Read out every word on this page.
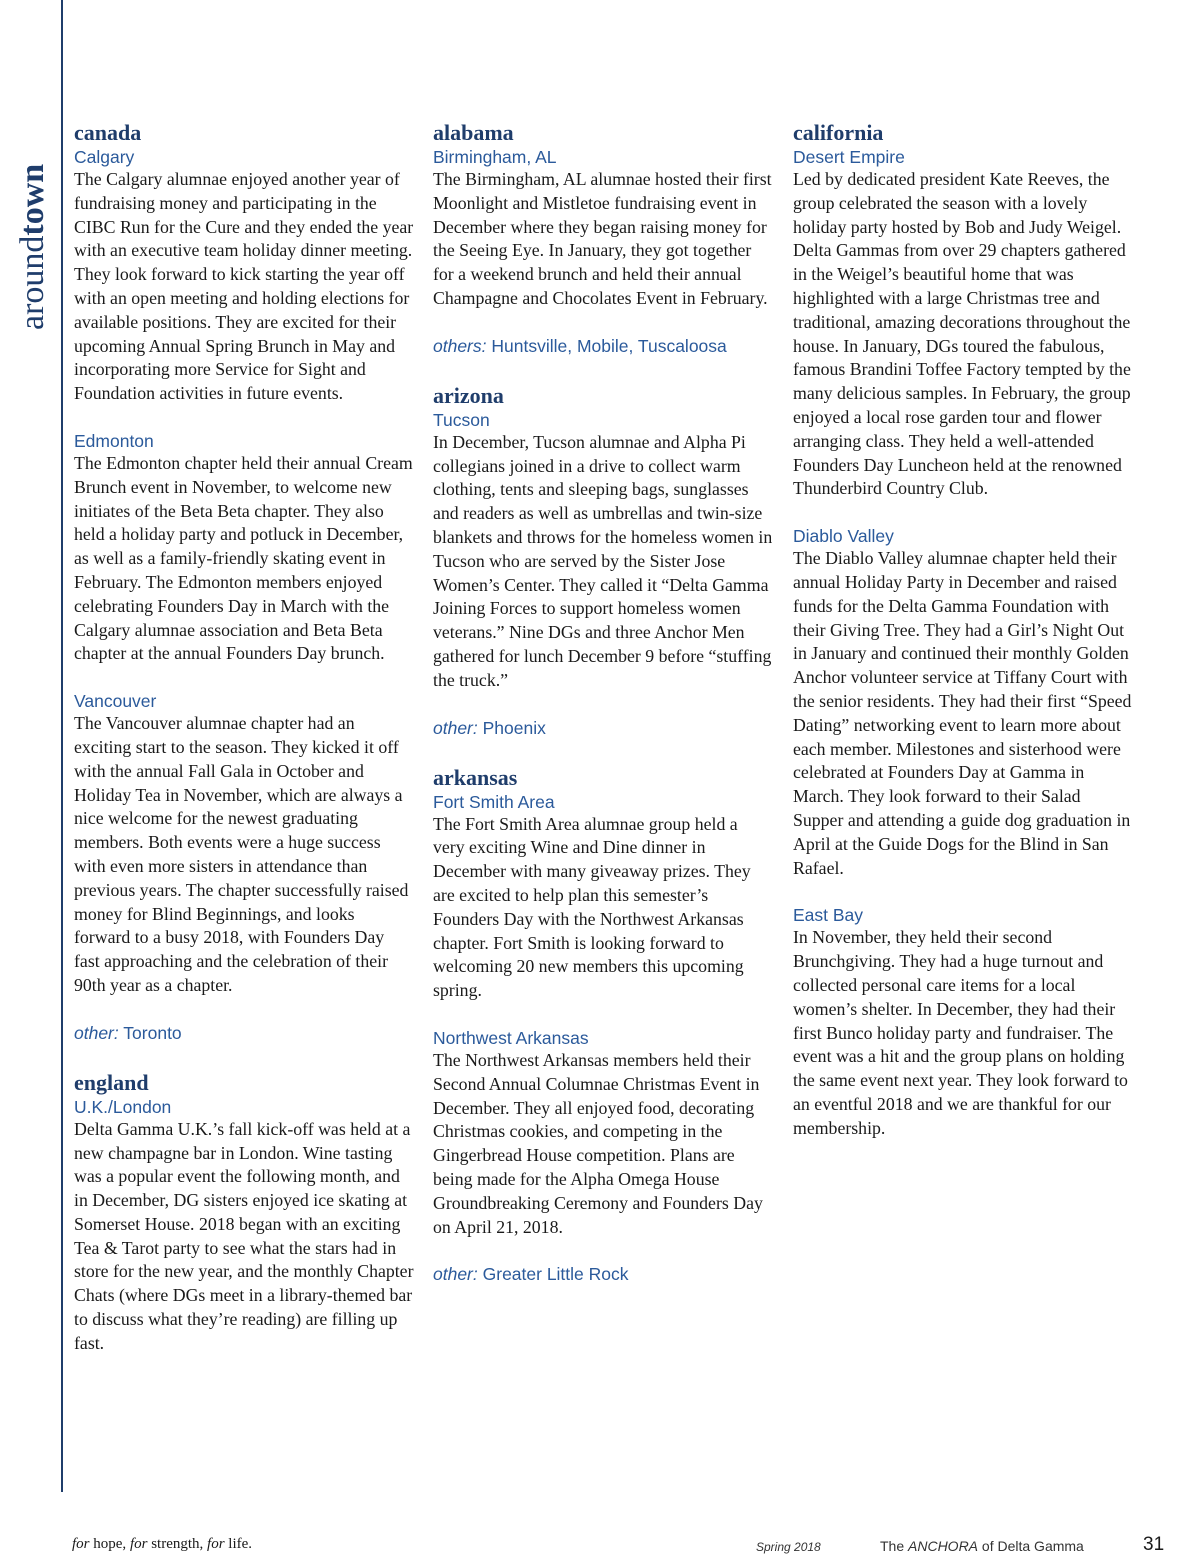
aroundtown
canada

Calgary

The Calgary alumnae enjoyed another year of fundraising money and participating in the CIBC Run for the Cure and they ended the year with an executive team holiday dinner meeting. They look forward to kick starting the year off with an open meeting and holding elections for available positions. They are excited for their upcoming Annual Spring Brunch in May and incorporating more Service for Sight and Foundation activities in future events.

Edmonton

The Edmonton chapter held their annual Cream Brunch event in November, to welcome new initiates of the Beta Beta chapter. They also held a holiday party and potluck in December, as well as a family-friendly skating event in February. The Edmonton members enjoyed celebrating Founders Day in March with the Calgary alumnae association and Beta Beta chapter at the annual Founders Day brunch.

Vancouver

The Vancouver alumnae chapter had an exciting start to the season. They kicked it off with the annual Fall Gala in October and Holiday Tea in November, which are always a nice welcome for the newest graduating members. Both events were a huge success with even more sisters in attendance than previous years. The chapter successfully raised money for Blind Beginnings, and looks forward to a busy 2018, with Founders Day fast approaching and the celebration of their 90th year as a chapter.

other: Toronto

england

U.K./London

Delta Gamma U.K.’s fall kick-off was held at a new champagne bar in London. Wine tasting was a popular event the following month, and in December, DG sisters enjoyed ice skating at Somerset House. 2018 began with an exciting Tea & Tarot party to see what the stars had in store for the new year, and the monthly Chapter Chats (where DGs meet in a library-themed bar to discuss what they’re reading) are filling up fast.

alabama

Birmingham, AL

The Birmingham, AL alumnae hosted their first Moonlight and Mistletoe fundraising event in December where they began raising money for the Seeing Eye. In January, they got together for a weekend brunch and held their annual Champagne and Chocolates Event in February.

others: Huntsville, Mobile, Tuscaloosa

arizona

Tucson

In December, Tucson alumnae and Alpha Pi collegians joined in a drive to collect warm clothing, tents and sleeping bags, sunglasses and readers as well as umbrellas and twin-size blankets and throws for the homeless women in Tucson who are served by the Sister Jose Women’s Center. They called it “Delta Gamma Joining Forces to support homeless women veterans.” Nine DGs and three Anchor Men gathered for lunch December 9 before “stuffing the truck.”

other: Phoenix

arkansas

Fort Smith Area

The Fort Smith Area alumnae group held a very exciting Wine and Dine dinner in December with many giveaway prizes. They are excited to help plan this semester’s Founders Day with the Northwest Arkansas chapter. Fort Smith is looking forward to welcoming 20 new members this upcoming spring.

Northwest Arkansas

The Northwest Arkansas members held their Second Annual Columnae Christmas Event in December. They all enjoyed food, decorating Christmas cookies, and competing in the Gingerbread House competition. Plans are being made for the Alpha Omega House Groundbreaking Ceremony and Founders Day on April 21, 2018.

other: Greater Little Rock

california

Desert Empire

Led by dedicated president Kate Reeves, the group celebrated the season with a lovely holiday party hosted by Bob and Judy Weigel. Delta Gammas from over 29 chapters gathered in the Weigel’s beautiful home that was highlighted with a large Christmas tree and traditional, amazing decorations throughout the house. In January, DGs toured the fabulous, famous Brandini Toffee Factory tempted by the many delicious samples. In February, the group enjoyed a local rose garden tour and flower arranging class. They held a well-attended Founders Day Luncheon held at the renowned Thunderbird Country Club.

Diablo Valley

The Diablo Valley alumnae chapter held their annual Holiday Party in December and raised funds for the Delta Gamma Foundation with their Giving Tree. They had a Girl’s Night Out in January and continued their monthly Golden Anchor volunteer service at Tiffany Court with the senior residents. They had their first “Speed Dating” networking event to learn more about each member. Milestones and sisterhood were celebrated at Founders Day at Gamma in March. They look forward to their Salad Supper and attending a guide dog graduation in April at the Guide Dogs for the Blind in San Rafael.

East Bay

In November, they held their second Brunchgiving. They had a huge turnout and collected personal care items for a local women’s shelter. In December, they had their first Bunco holiday party and fundraiser. The event was a hit and the group plans on holding the same event next year. They look forward to an eventful 2018 and we are thankful for our membership.

for hope, for strength, for life.	Spring 2018	The ANCHORA of Delta Gamma	31
